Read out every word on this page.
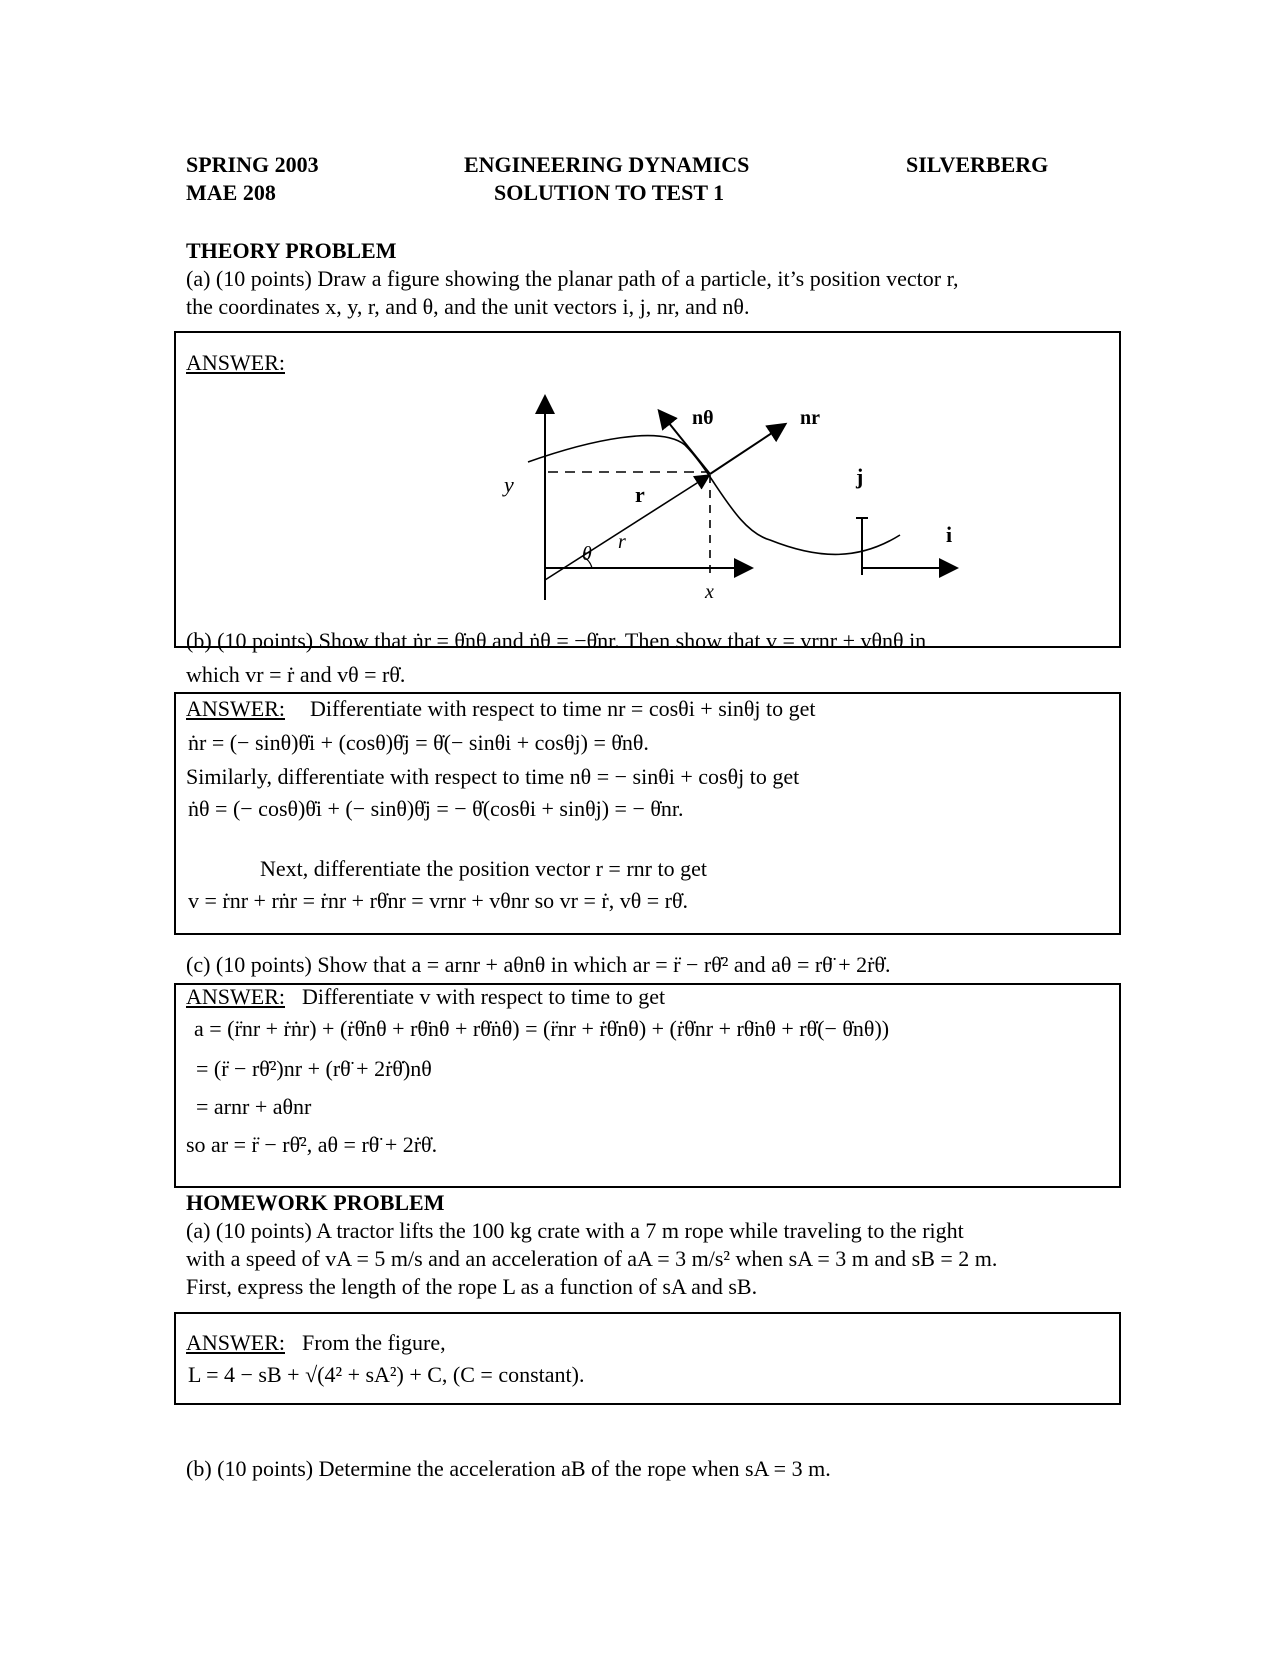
SPRING 2003
MAE 208
ENGINEERING DYNAMICS
SOLUTION TO TEST 1
SILVERBERG
THEORY PROBLEM
(a) (10 points) Draw a figure showing the planar path of a particle, it’s position vector r,
the coordinates x, y, r, and θ, and the unit vectors i, j, nr, and nθ.
ANSWER:
nθ	nr
y	r
r
θ
x
j
i
(b) (10 points) Show that ṅr = θ̇nθ and ṅθ = −θ̇nr. Then show that v = vrnr + vθnθ in
which vr = ṙ and vθ = rθ̇.
ANSWER: Differentiate with respect to time nr = cosθi + sinθj to get
ṅr = (− sinθ)θ̇i + (cosθ)θ̇j = θ̇(− sinθi + cosθj) = θ̇nθ.
Similarly, differentiate with respect to time nθ = − sinθi + cosθj to get
ṅθ = (− cosθ)θ̇i + (− sinθ)θ̇j = − θ̇(cosθi + sinθj) = − θ̇nr.
Next, differentiate the position vector r = rnr to get
v = ṙnr + rṅr = ṙnr + rθ̇nr = vrnr + vθnr so vr = ṙ, vθ = rθ̇.
(c) (10 points) Show that a = arnr + aθnθ in which ar = r̈ − rθ̇² and aθ = rθ̈ + 2ṙθ̇.
ANSWER: Differentiate v with respect to time to get
a = (r̈nr + ṙṅr) + (ṙθ̇nθ + rθ̈nθ + rθ̇ṅθ) = (r̈nr + ṙθ̇nθ) + (ṙθ̇nr + rθ̈nθ + rθ̇(− θ̇nθ))
= (r̈ − rθ̇²)nr + (rθ̈ + 2ṙθ̇)nθ
= arnr + aθnr
so ar = r̈ − rθ̇², aθ = rθ̈ + 2ṙθ̇.
HOMEWORK PROBLEM
(a) (10 points) A tractor lifts the 100 kg crate with a 7 m rope while traveling to the right
with a speed of vA = 5 m/s and an acceleration of aA = 3 m/s² when sA = 3 m and sB = 2 m.
First, express the length of the rope L as a function of sA and sB.
ANSWER: From the figure,
L = 4 − sB + √(4² + sA²) + C, (C = constant).
(b) (10 points) Determine the acceleration aB of the rope when sA = 3 m.
